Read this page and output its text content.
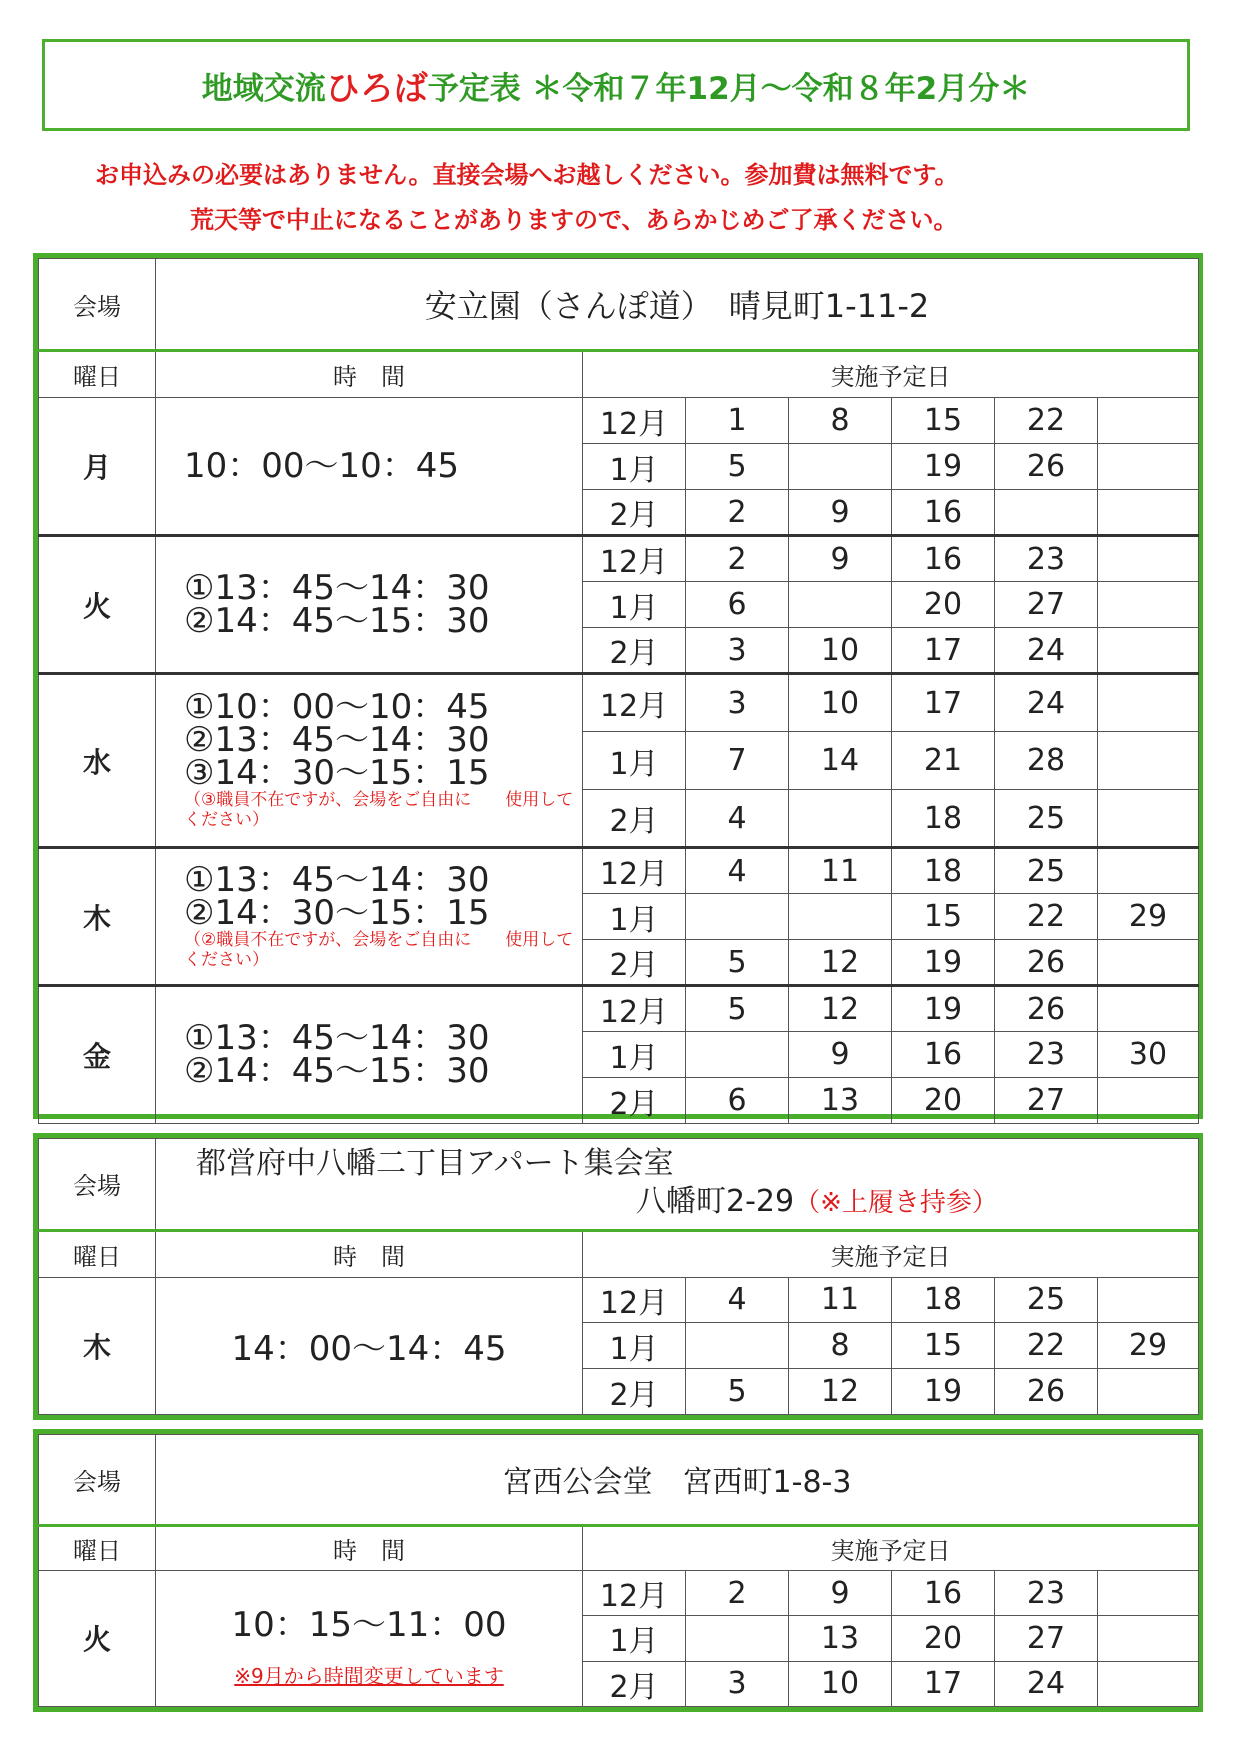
地域交流 ひろば 予定表 ＊令和７年12月～令和８年2月分＊
お申込みの必要はありません。直接会場へお越しください。参加費は無料です。
荒天等で中止になることがありますので、あらかじめご了承ください。
会場	安立園（さんぽ道）　晴見町1-11-2						
曜日	時　間	実施予定日					
月	10：00～10：45	12月	1	8	15	22	
		1月	5		19	26	
		2月	2	9	16		
火	①13：45～14：30
②14：45～15：30	12月	2	9	16	23	
		1月	6		20	27	
		2月	3	10	17	24	
水	①10：00～10：45
②13：45～14：30
③14：30～15：15
（③職員不在ですが、会場をご自由に　　使用してください）	12月	3	10	17	24	
		1月	7	14	21	28	
		2月	4		18	25	
木	①13：45～14：30
②14：30～15：15
（②職員不在ですが、会場をご自由に　　使用してください）	12月	4	11	18	25	
		1月			15	22	29
		2月	5	12	19	26	
金	①13：45～14：30
②14：45～15：30	12月	5	12	19	26	
		1月		9	16	23	30
		2月	6	13	20	27	
会場	都営府中八幡二丁目アパート集会室
八幡町2-29（※上履き持参）						

曜日	時　間	実施予定日					
木	14：00～14：45	12月	4	11	18	25	
		1月		8	15	22	29
		2月	5	12	19	26	
会場	宮西公会堂　宮西町1-8-3						
曜日	時　間	実施予定日					
火	10：15～11：00
※9月から時間変更しています	12月	2	9	16	23	
		1月		13	20	27	
		2月	3	10	17	24	
